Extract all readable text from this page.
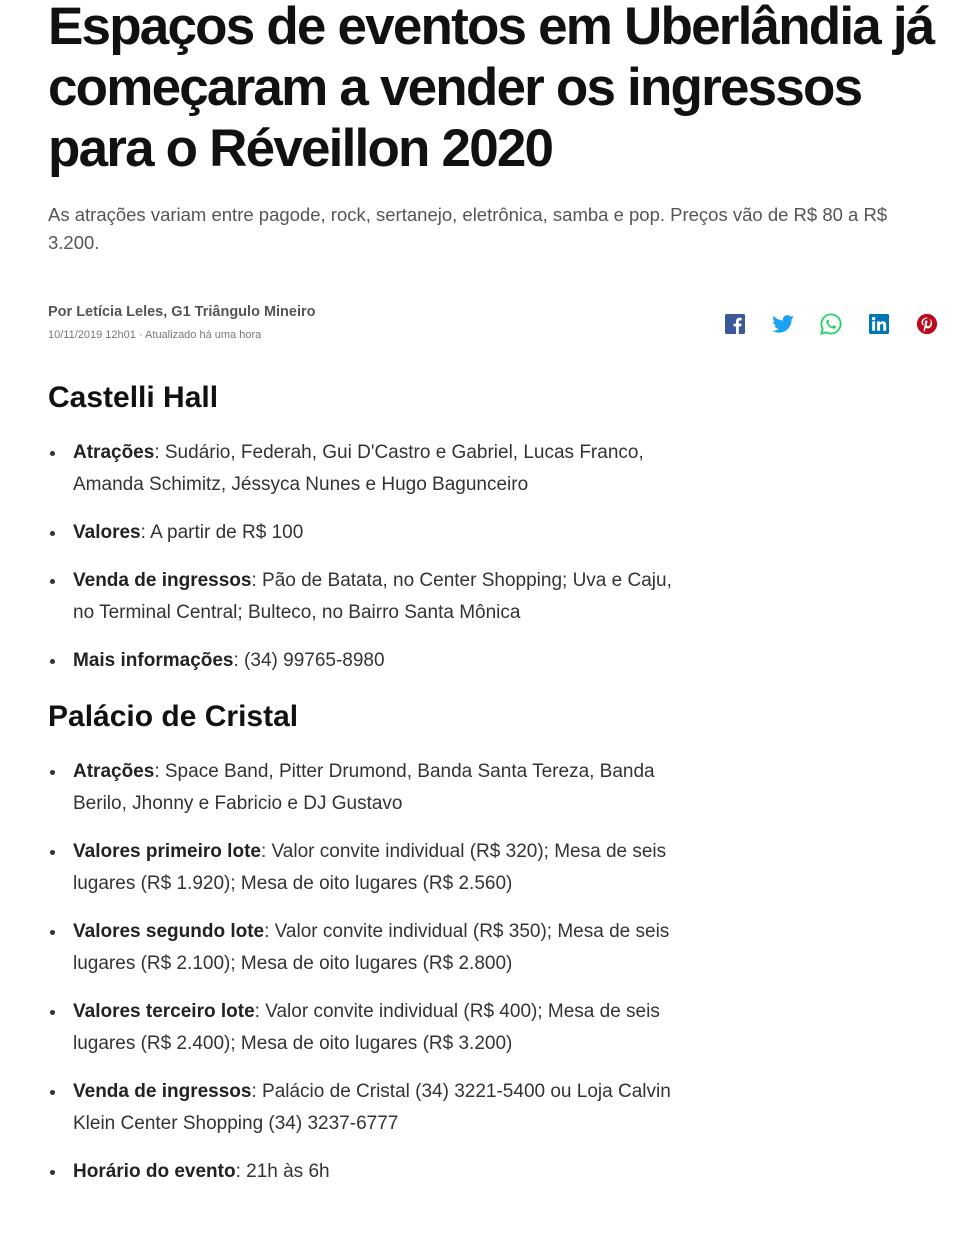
Espaços de eventos em Uberlândia já começaram a vender os ingressos para o Réveillon 2020

As atrações variam entre pagode, rock, sertanejo, eletrônica, samba e pop. Preços vão de R$ 80 a R$ 3.200.

Por Letícia Leles, G1 Triângulo Mineiro

10/11/2019 12h01 · Atualizado há uma hora

Castelli Hall
Atrações: Sudário, Federah, Gui D'Castro e Gabriel, Lucas Franco, Amanda Schimitz, Jéssyca Nunes e Hugo Bagunceiro
Valores: A partir de R$ 100
Venda de ingressos: Pão de Batata, no Center Shopping; Uva e Caju, no Terminal Central; Bulteco, no Bairro Santa Mônica
Mais informações: (34) 99765-8980
Palácio de Cristal
Atrações: Space Band, Pitter Drumond, Banda Santa Tereza, Banda Berilo, Jhonny e Fabricio e DJ Gustavo
Valores primeiro lote: Valor convite individual (R$ 320); Mesa de seis lugares (R$ 1.920); Mesa de oito lugares (R$ 2.560)
Valores segundo lote: Valor convite individual (R$ 350); Mesa de seis lugares (R$ 2.100); Mesa de oito lugares (R$ 2.800)
Valores terceiro lote: Valor convite individual (R$ 400); Mesa de seis lugares (R$ 2.400); Mesa de oito lugares (R$ 3.200)
Venda de ingressos: Palácio de Cristal (34) 3221-5400 ou Loja Calvin Klein Center Shopping (34) 3237-6777
Horário do evento: 21h às 6h
